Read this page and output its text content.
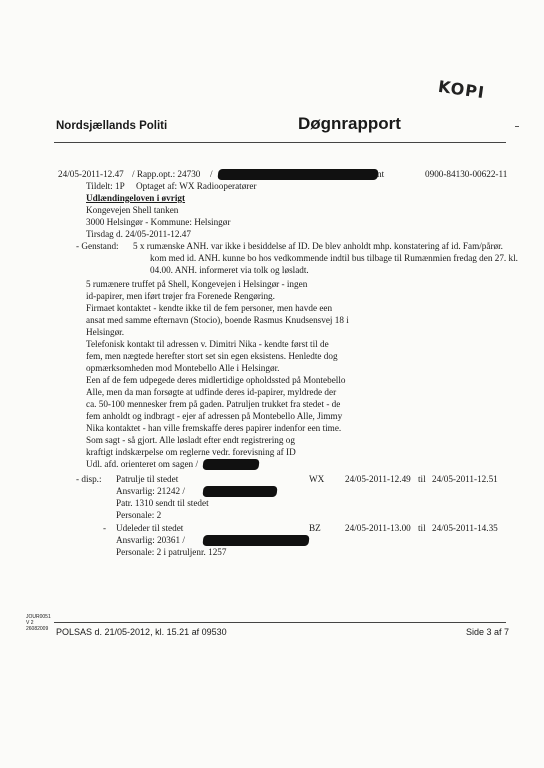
KOPI
Nordsjællands Politi	Døgnrapport
24/05-2011-12.47 / Rapp.opt.: 24730 /	nt	0900-84130-00622-11
Tildelt: 1P Optaget af: WX Radiooperatører
Udlændingeloven i øvrigt
Kongevejen Shell tanken
3000 Helsingør - Kommune: Helsingør
Tirsdag d. 24/05-2011-12.47
- Genstand: 5 x rumænske ANH. var ikke i besiddelse af ID. De blev anholdt mhp. konstatering af id. Fam/pårør.
kom med id. ANH. kunne bo hos vedkommende indtil bus tilbage til Rumænmien fredag den 27. kl.
04.00. ANH. informeret via tolk og løsladt.
5 rumænere truffet på Shell, Kongevejen i Helsingør - ingen
id-papirer, men iført trøjer fra Forenede Rengøring.
Firmaet kontaktet - kendte ikke til de fem personer, men havde een
ansat med samme efternavn (Stocio), boende Rasmus Knudsensvej 18 i
Helsingør.
Telefonisk kontakt til adressen v. Dimitri Nika - kendte først til de
fem, men nægtede herefter stort set sin egen eksistens. Henledte dog
opmærksomheden mod Montebello Alle i Helsingør.
Een af de fem udpegede deres midlertidige opholdssted på Montebello
Alle, men da man forsøgte at udfinde deres id-papirer, myldrede der
ca. 50-100 mennesker frem på gaden. Patruljen trukket fra stedet - de
fem anholdt og indbragt - ejer af adressen på Montebello Alle, Jimmy
Nika kontaktet - han ville fremskaffe deres papirer indenfor een time.
Som sagt - så gjort. Alle løsladt efter endt registrering og
kraftigt indskærpelse om reglerne vedr. forevisning af ID
Udl. afd. orienteret om sagen /
- disp.: Patrulje til stedet	WX 24/05-2011-12.49 til 24/05-2011-12.51
Ansvarlig: 21242 /
Patr. 1310 sendt til stedet
Personale: 2
- Udeleder til stedet	BZ	24/05-2011-13.00 til 24/05-2011-14.35
Ansvarlig: 20361 /
Personale: 2 i patruljenr. 1257
JOUR0051
V 2
26082009 POLSAS d. 21/05-2012, kl. 15.21 af 09530	Side 3 af 7
